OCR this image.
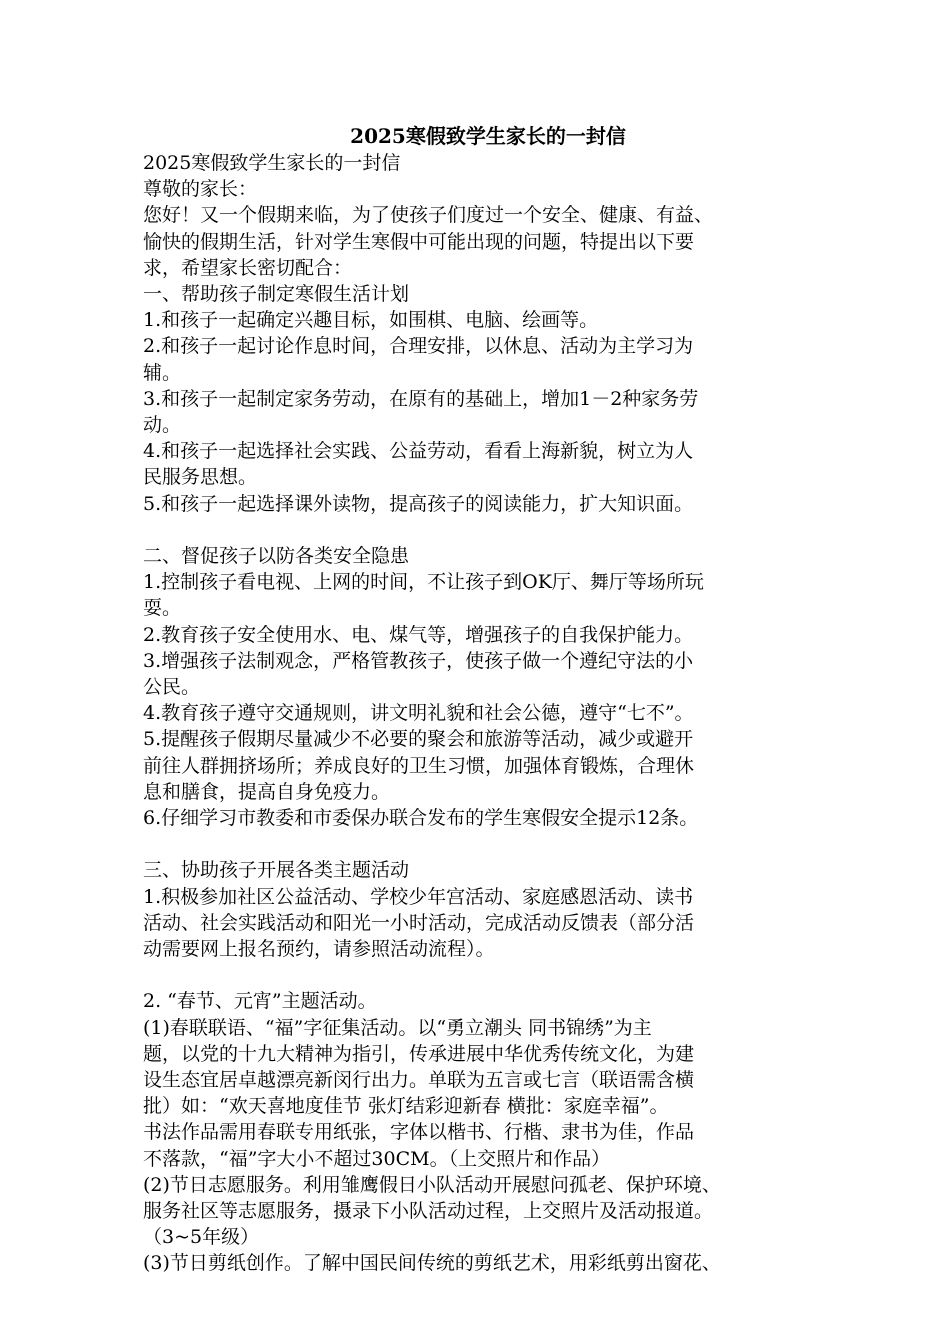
2025寒假致学生家长的一封信

2025寒假致学生家长的一封信

尊敬的家长：

您好！又一个假期来临，为了使孩子们度过一个安全、健康、有益、

愉快的假期生活，针对学生寒假中可能出现的问题，特提出以下要

求，希望家长密切配合：

一、帮助孩子制定寒假生活计划

1.和孩子一起确定兴趣目标，如围棋、电脑、绘画等。

2.和孩子一起讨论作息时间，合理安排，以休息、活动为主学习为

辅。

3.和孩子一起制定家务劳动，在原有的基础上，增加1－2种家务劳

动。

4.和孩子一起选择社会实践、公益劳动，看看上海新貌，树立为人

民服务思想。

5.和孩子一起选择课外读物，提高孩子的阅读能力，扩大知识面。

二、督促孩子以防各类安全隐患

1.控制孩子看电视、上网的时间，不让孩子到OK厅、舞厅等场所玩

耍。

2.教育孩子安全使用水、电、煤气等，增强孩子的自我保护能力。

3.增强孩子法制观念，严格管教孩子，使孩子做一个遵纪守法的小

公民。

4.教育孩子遵守交通规则，讲文明礼貌和社会公德，遵守“七不”。

5.提醒孩子假期尽量减少不必要的聚会和旅游等活动，减少或避开

前往人群拥挤场所；养成良好的卫生习惯，加强体育锻炼，合理休

息和膳食，提高自身免疫力。

6.仔细学习市教委和市委保办联合发布的学生寒假安全提示12条。

三、协助孩子开展各类主题活动

1.积极参加社区公益活动、学校少年宫活动、家庭感恩活动、读书

活动、社会实践活动和阳光一小时活动，完成活动反馈表（部分活

动需要网上报名预约，请参照活动流程）。

2. “春节、元宵”主题活动。

(1)春联联语、“福”字征集活动。以“勇立潮头 同书锦绣”为主

题，以党的十九大精神为指引，传承进展中华优秀传统文化，为建

设生态宜居卓越漂亮新闵行出力。单联为五言或七言（联语需含横

批）如：“欢天喜地度佳节 张灯结彩迎新春 横批：家庭幸福”。

书法作品需用春联专用纸张，字体以楷书、行楷、隶书为佳，作品

不落款，“福”字大小不超过30CM。（上交照片和作品）

(2)节日志愿服务。利用雏鹰假日小队活动开展慰问孤老、保护环境、

服务社区等志愿服务，摄录下小队活动过程，上交照片及活动报道。

（3~5年级）

(3)节日剪纸创作。了解中国民间传统的剪纸艺术，用彩纸剪出窗花、
